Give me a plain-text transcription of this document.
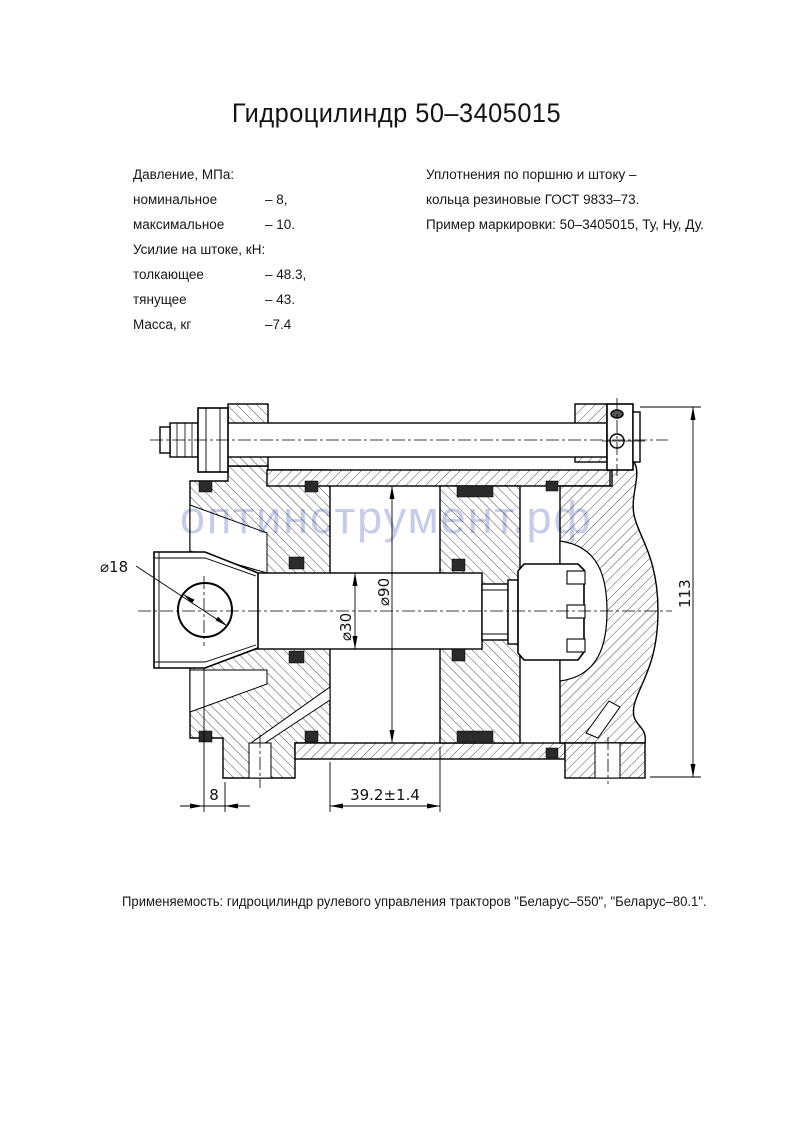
Гидроцилиндр 50–3405015
Давление, МПа:
номинальное	– 8,
максимальное	– 10.
Усилие на штоке, кН:
толкающее	– 48.3,
тянущее	– 43.
Масса, кг	–7.4
Уплотнения по поршню и штоку –
кольца резиновые ГОСТ 9833–73.
Пример маркировки: 50–3405015, Ту, Ну, Ду.
⌀18
⌀30
⌀90	113
8	39.2±1.4
оптинструмент.рф
Применяемость: гидроцилиндр рулевого управления тракторов "Беларус–550", "Беларус–80.1".
